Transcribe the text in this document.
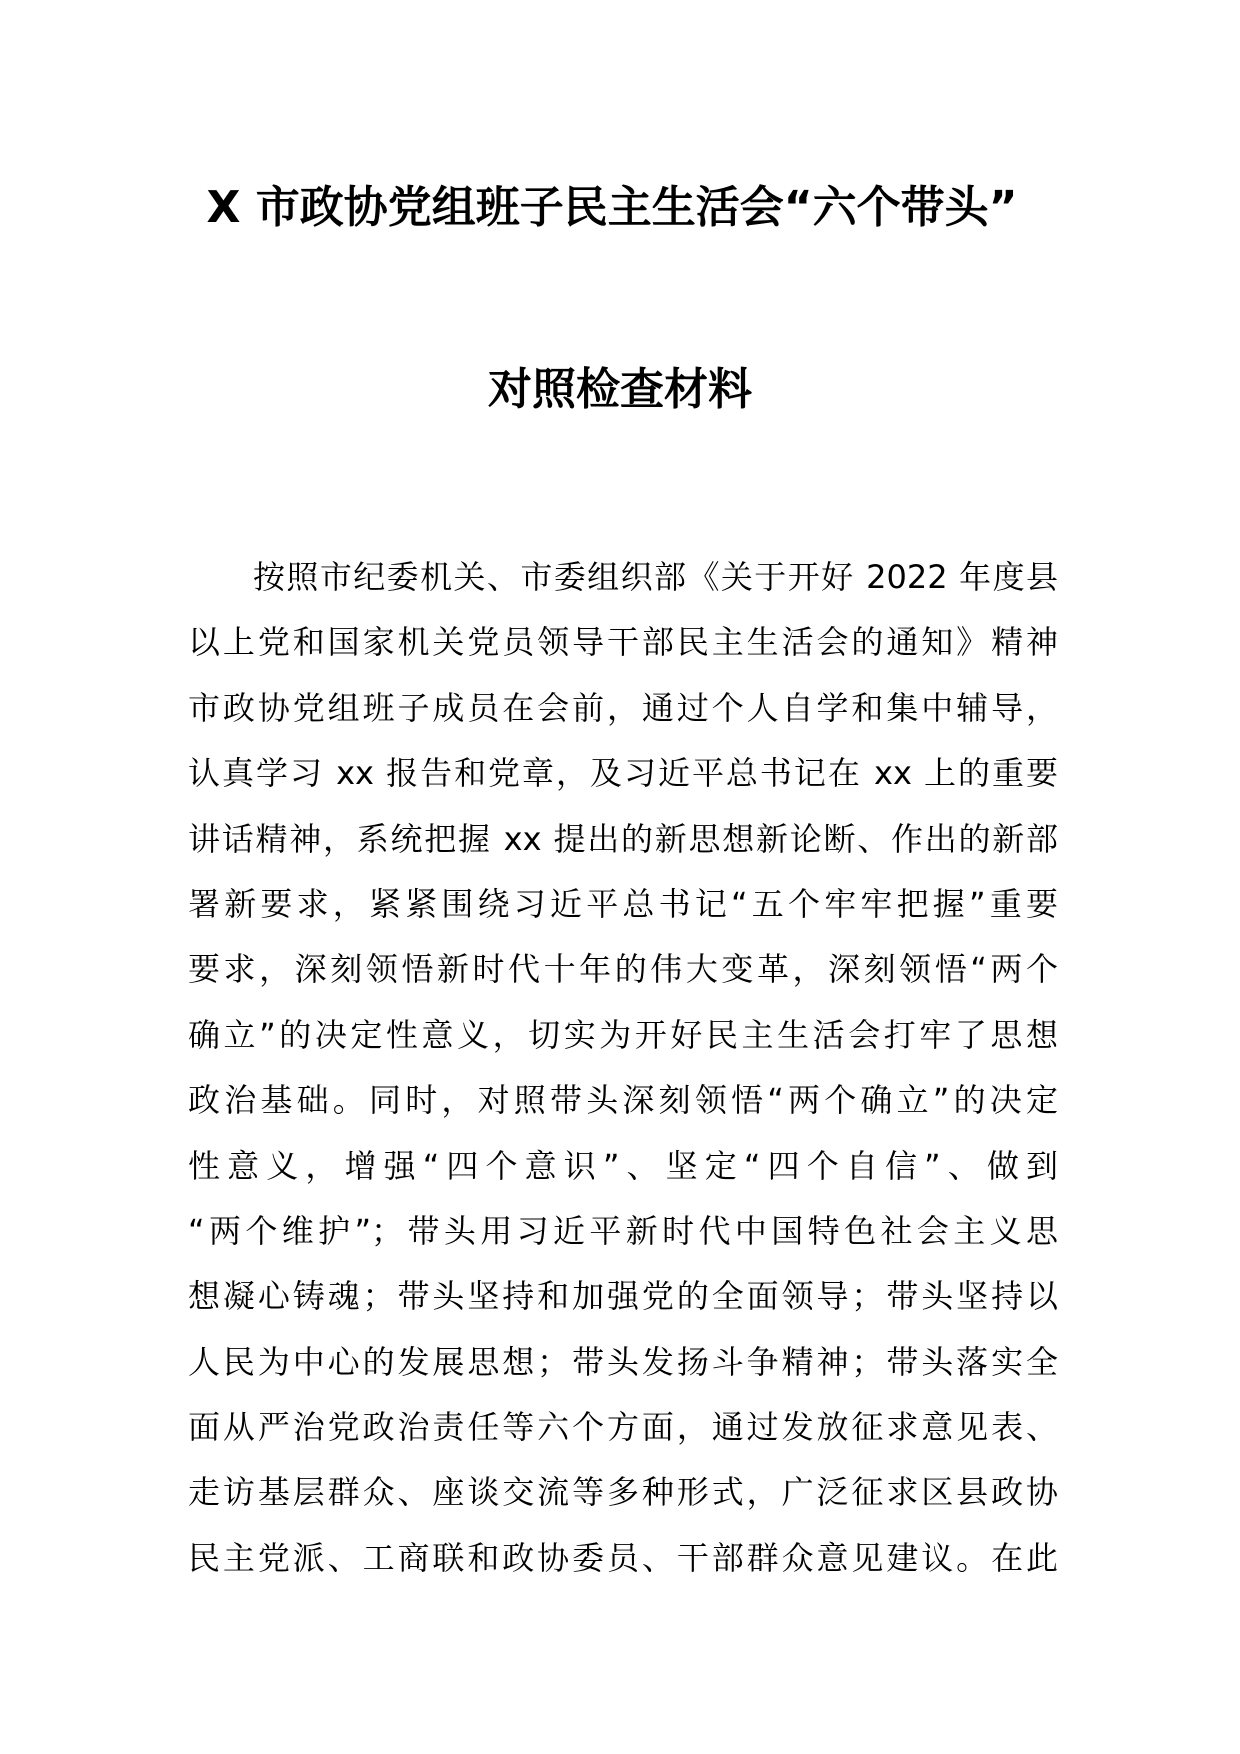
X 市政协党组班子民主生活会“六个带头”
对照检查材料
按照市纪委机关、市委组织部《关于开好 2022 年度县
以上党和国家机关党员领导干部民主生活会的通知》精神
市政协党组班子成员在会前，通过个人自学和集中辅导，
认真学习 xx 报告和党章，及习近平总书记在 xx 上的重要
讲话精神，系统把握 xx 提出的新思想新论断、作出的新部
署新要求，紧紧围绕习近平总书记“五个牢牢把握”重要
要求，深刻领悟新时代十年的伟大变革，深刻领悟“两个
确立”的决定性意义，切实为开好民主生活会打牢了思想
政治基础。同时，对照带头深刻领悟“两个确立”的决定
性意义，增强“四个意识”、坚定“四个自信”、做到
“两个维护”；带头用习近平新时代中国特色社会主义思
想凝心铸魂；带头坚持和加强党的全面领导；带头坚持以
人民为中心的发展思想；带头发扬斗争精神；带头落实全
面从严治党政治责任等六个方面，通过发放征求意见表、
走访基层群众、座谈交流等多种形式，广泛征求区县政协
民主党派、工商联和政协委员、干部群众意见建议。在此
